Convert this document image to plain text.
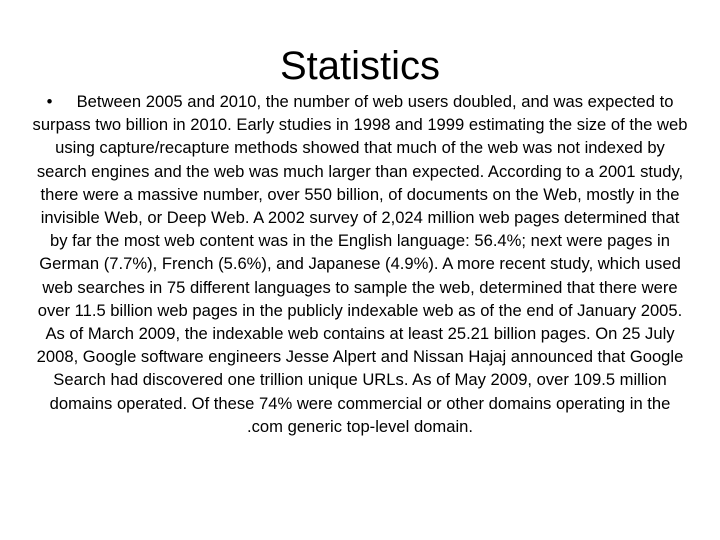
Statistics
• Between 2005 and 2010, the number of web users doubled, and was expected to surpass two billion in 2010. Early studies in 1998 and 1999 estimating the size of the web using capture/recapture methods showed that much of the web was not indexed by search engines and the web was much larger than expected. According to a 2001 study, there were a massive number, over 550 billion, of documents on the Web, mostly in the invisible Web, or Deep Web. A 2002 survey of 2,024 million web pages determined that by far the most web content was in the English language: 56.4%; next were pages in German (7.7%), French (5.6%), and Japanese (4.9%). A more recent study, which used web searches in 75 different languages to sample the web, determined that there were over 11.5 billion web pages in the publicly indexable web as of the end of January 2005. As of March 2009, the indexable web contains at least 25.21 billion pages. On 25 July 2008, Google software engineers Jesse Alpert and Nissan Hajaj announced that Google Search had discovered one trillion unique URLs. As of May 2009, over 109.5 million domains operated. Of these 74% were commercial or other domains operating in the .com generic top-level domain.
